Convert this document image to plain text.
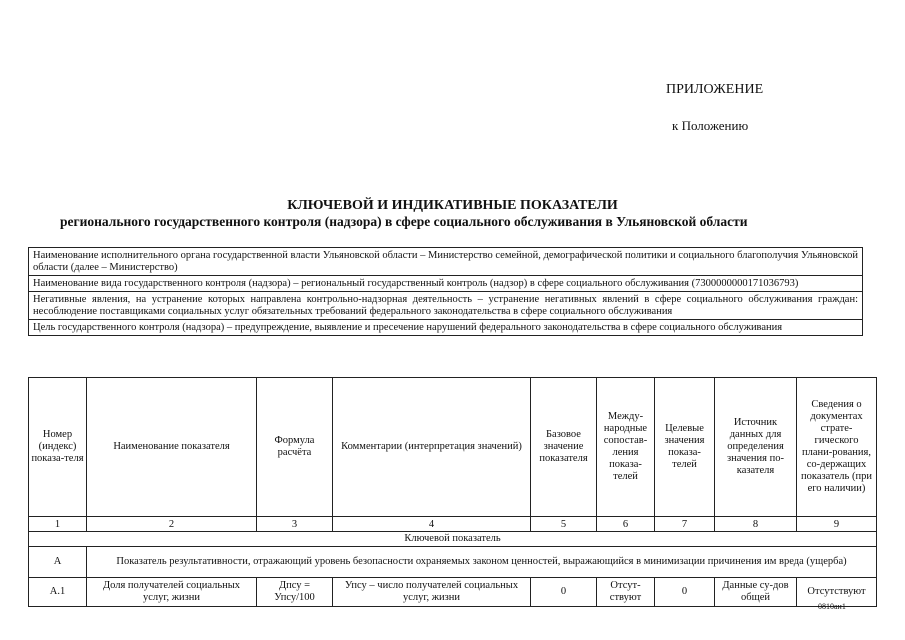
ПРИЛОЖЕНИЕ
к Положению
КЛЮЧЕВОЙ И ИНДИКАТИВНЫЕ ПОКАЗАТЕЛИ
регионального государственного контроля (надзора) в сфере социального обслуживания в Ульяновской области
Наименование исполнительного органа государственной власти Ульяновской области – Министерство семейной, демографической политики и социального благополучия Ульяновской области (далее – Министерство)
Наименование вида государственного контроля (надзора) – региональный государственный контроль (надзор) в сфере социального обслуживания (7300000000171036793)
Негативные явления, на устранение которых направлена контрольно-надзорная деятельность – устранение негативных явлений в сфере социального обслуживания граждан: несоблюдение поставщиками социальных услуг обязательных требований федерального законодательства в сфере социального обслуживания
Цель государственного контроля (надзора) – предупреждение, выявление и пресечение нарушений федерального законодательства в сфере социального обслуживания
Номер (индекс) показа-теля	Наименование показателя	Формула расчёта	Комментарии (интерпретация значений)	Базовое значение показателя	Между-народные сопостав-ления показа-телей	Целевые значения показа-телей	Источник данных для определения значения по-казателя	Сведения о документах страте-гического плани-рования, со-держащих показатель (при его наличии)
1	2	3	4	5	6	7	8	9
Ключевой показатель								
А	Показатель результативности, отражающий уровень безопасности охраняемых законом ценностей, выражающийся в минимизации причинения им вреда (ущерба)							
А.1	Доля получателей социальных услуг, жизни	Дпсу = Упсу/100	Упсу – число получателей социальных услуг, жизни	0	Отсут-ствуют	0	Данные су-дов общей	Отсутствуют
0810ан1
